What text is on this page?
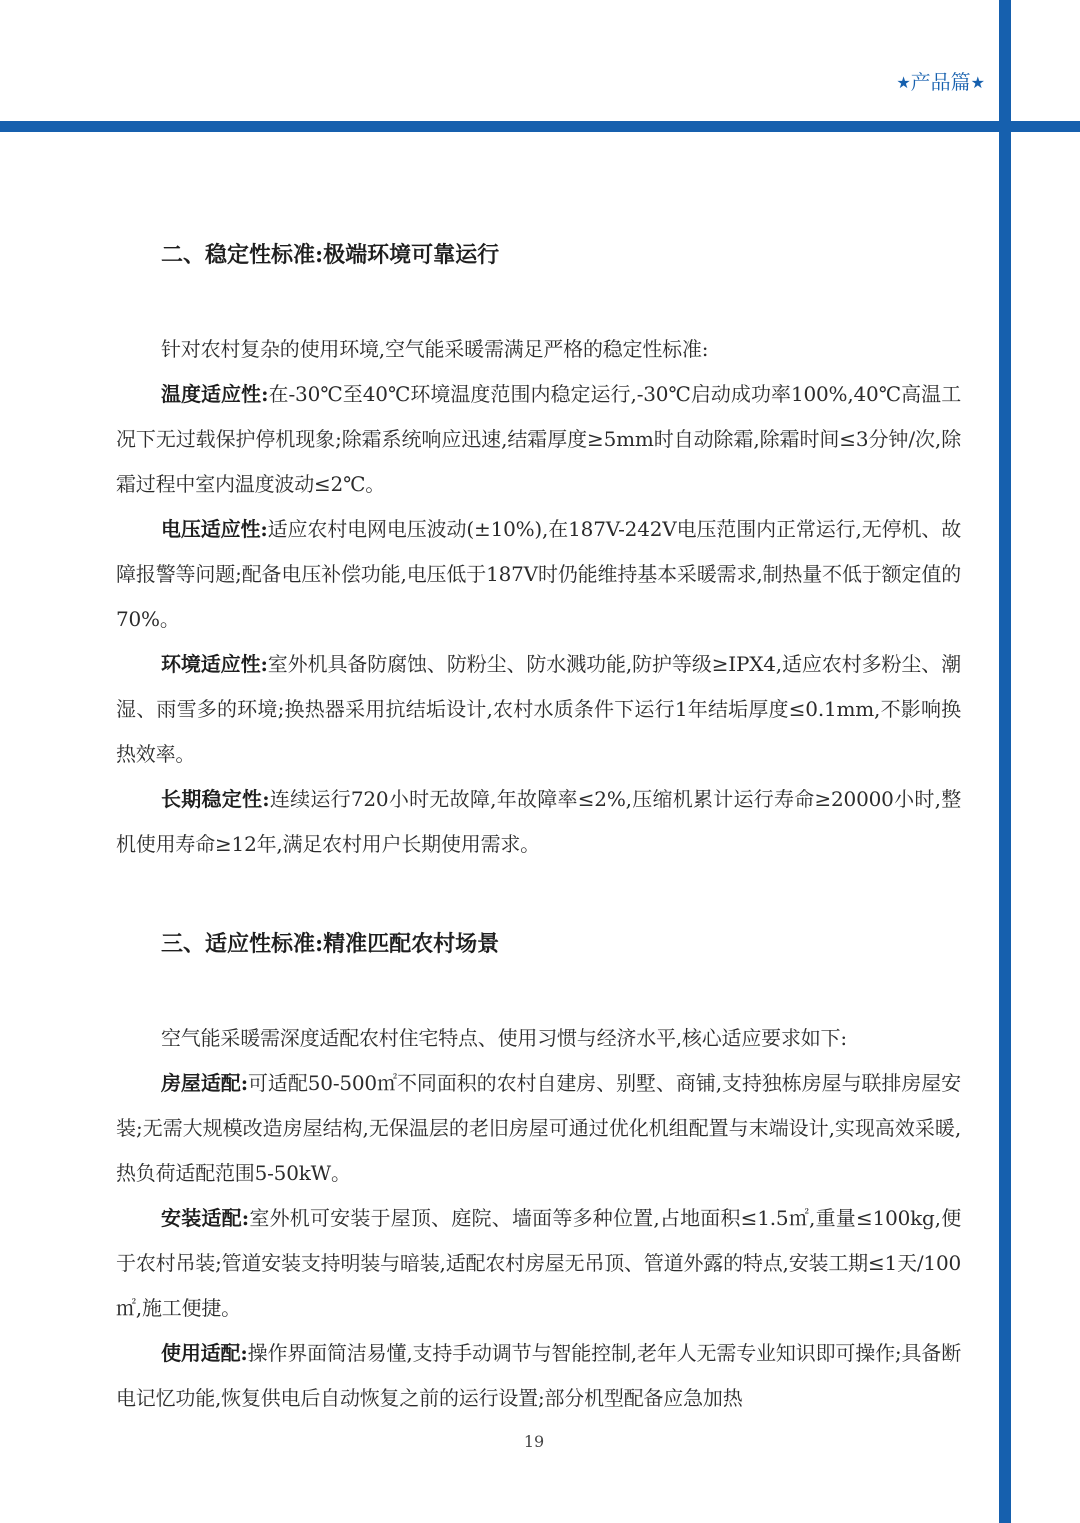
★产品篇★
二、稳定性标准:极端环境可靠运行

针对农村复杂的使用环境,空气能采暖需满足严格的稳定性标准:

温度适应性:在-30℃至40℃环境温度范围内稳定运行,-30℃启动成功率100%,40℃高温工况下无过载保护停机现象;除霜系统响应迅速,结霜厚度≥5mm时自动除霜,除霜时间≤3分钟/次,除霜过程中室内温度波动≤2℃。

电压适应性:适应农村电网电压波动(±10%),在187V-242V电压范围内正常运行,无停机、故障报警等问题;配备电压补偿功能,电压低于187V时仍能维持基本采暖需求,制热量不低于额定值的70%。

环境适应性:室外机具备防腐蚀、防粉尘、防水溅功能,防护等级≥IPX4,适应农村多粉尘、潮湿、雨雪多的环境;换热器采用抗结垢设计,农村水质条件下运行1年结垢厚度≤0.1mm,不影响换热效率。

长期稳定性:连续运行720小时无故障,年故障率≤2%,压缩机累计运行寿命≥20000小时,整机使用寿命≥12年,满足农村用户长期使用需求。

三、适应性标准:精准匹配农村场景

空气能采暖需深度适配农村住宅特点、使用习惯与经济水平,核心适应要求如下:

房屋适配:可适配50-500㎡不同面积的农村自建房、别墅、商铺,支持独栋房屋与联排房屋安装;无需大规模改造房屋结构,无保温层的老旧房屋可通过优化机组配置与末端设计,实现高效采暖,热负荷适配范围5-50kW。

安装适配:室外机可安装于屋顶、庭院、墙面等多种位置,占地面积≤1.5㎡,重量≤100kg,便于农村吊装;管道安装支持明装与暗装,适配农村房屋无吊顶、管道外露的特点,安装工期≤1天/100㎡,施工便捷。

使用适配:操作界面简洁易懂,支持手动调节与智能控制,老年人无需专业知识即可操作;具备断电记忆功能,恢复供电后自动恢复之前的运行设置;部分机型配备应急加热

19
